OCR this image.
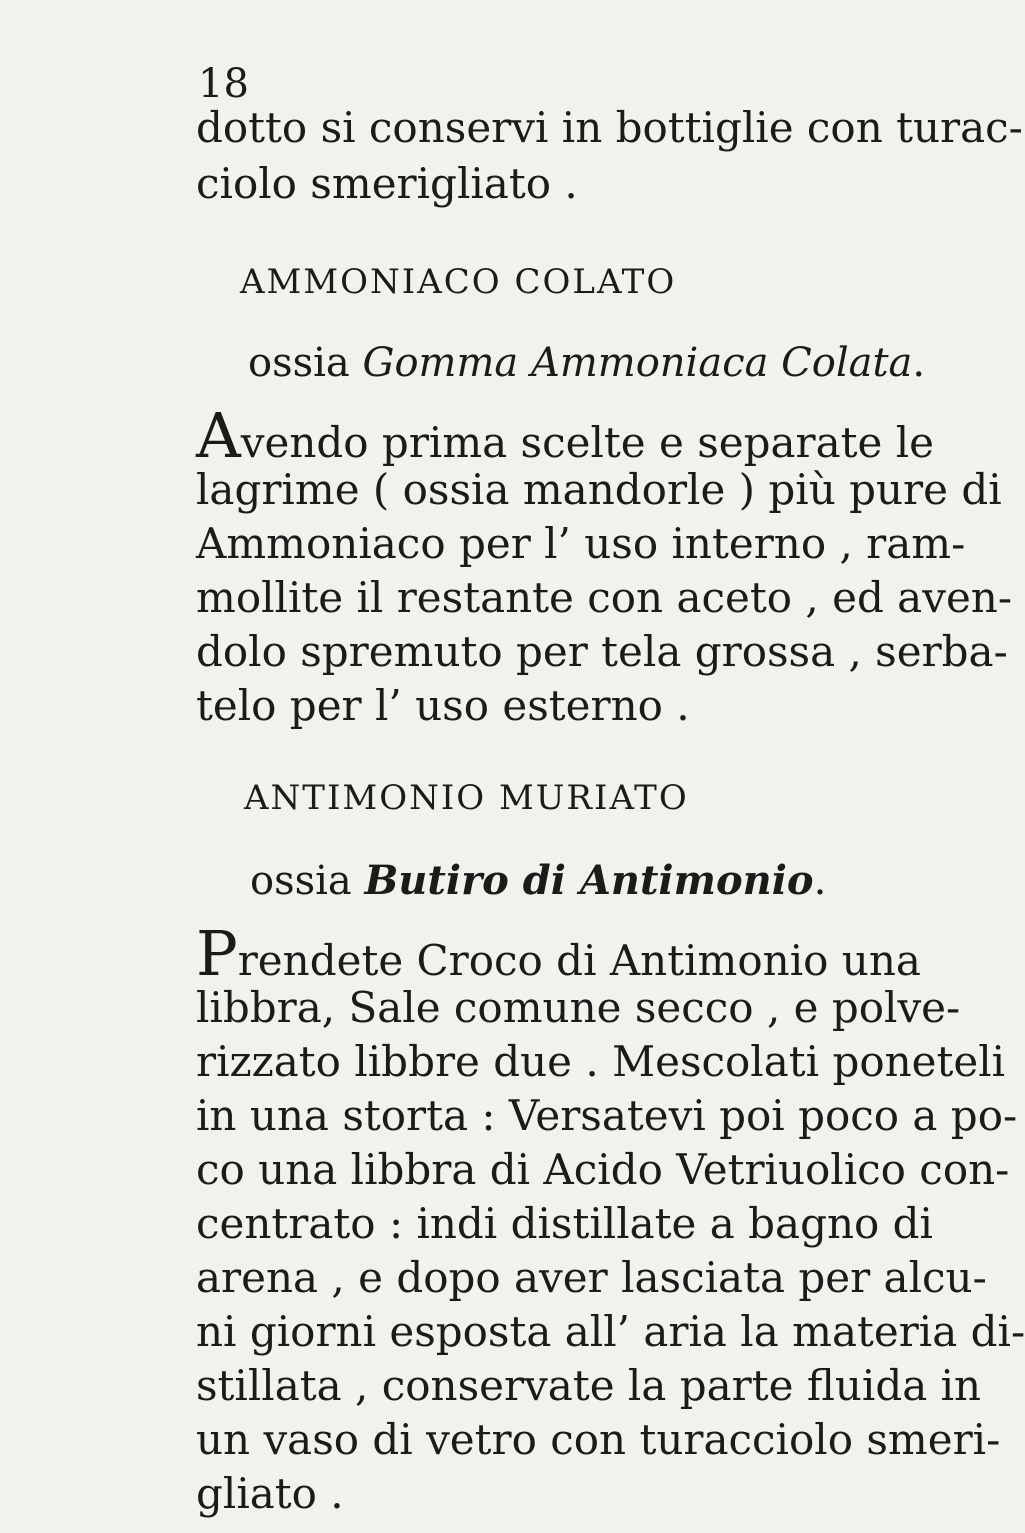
18
dotto si conservi in bottiglie con turac-
ciolo smerigliato .
AMMONIACO COLATO
ossia Gomma Ammoniaca Colata.
Avendo prima scelte e separate le
lagrime ( ossia mandorle ) più pure di
Ammoniaco per l’ uso interno , ram-
mollite il restante con aceto , ed aven-
dolo spremuto per tela grossa , serba-
telo per l’ uso esterno .
ANTIMONIO MURIATO
ossia Butiro di Antimonio.
Prendete Croco di Antimonio una
libbra, Sale comune secco , e polve-
rizzato libbre due . Mescolati poneteli
in una storta : Versatevi poi poco a po-
co una libbra di Acido Vetriuolico con-
centrato : indi distillate a bagno di
arena , e dopo aver lasciata per alcu-
ni giorni esposta all’ aria la materia di-
stillata , conservate la parte fluida in
un vaso di vetro con turacciolo smeri-
gliato .
